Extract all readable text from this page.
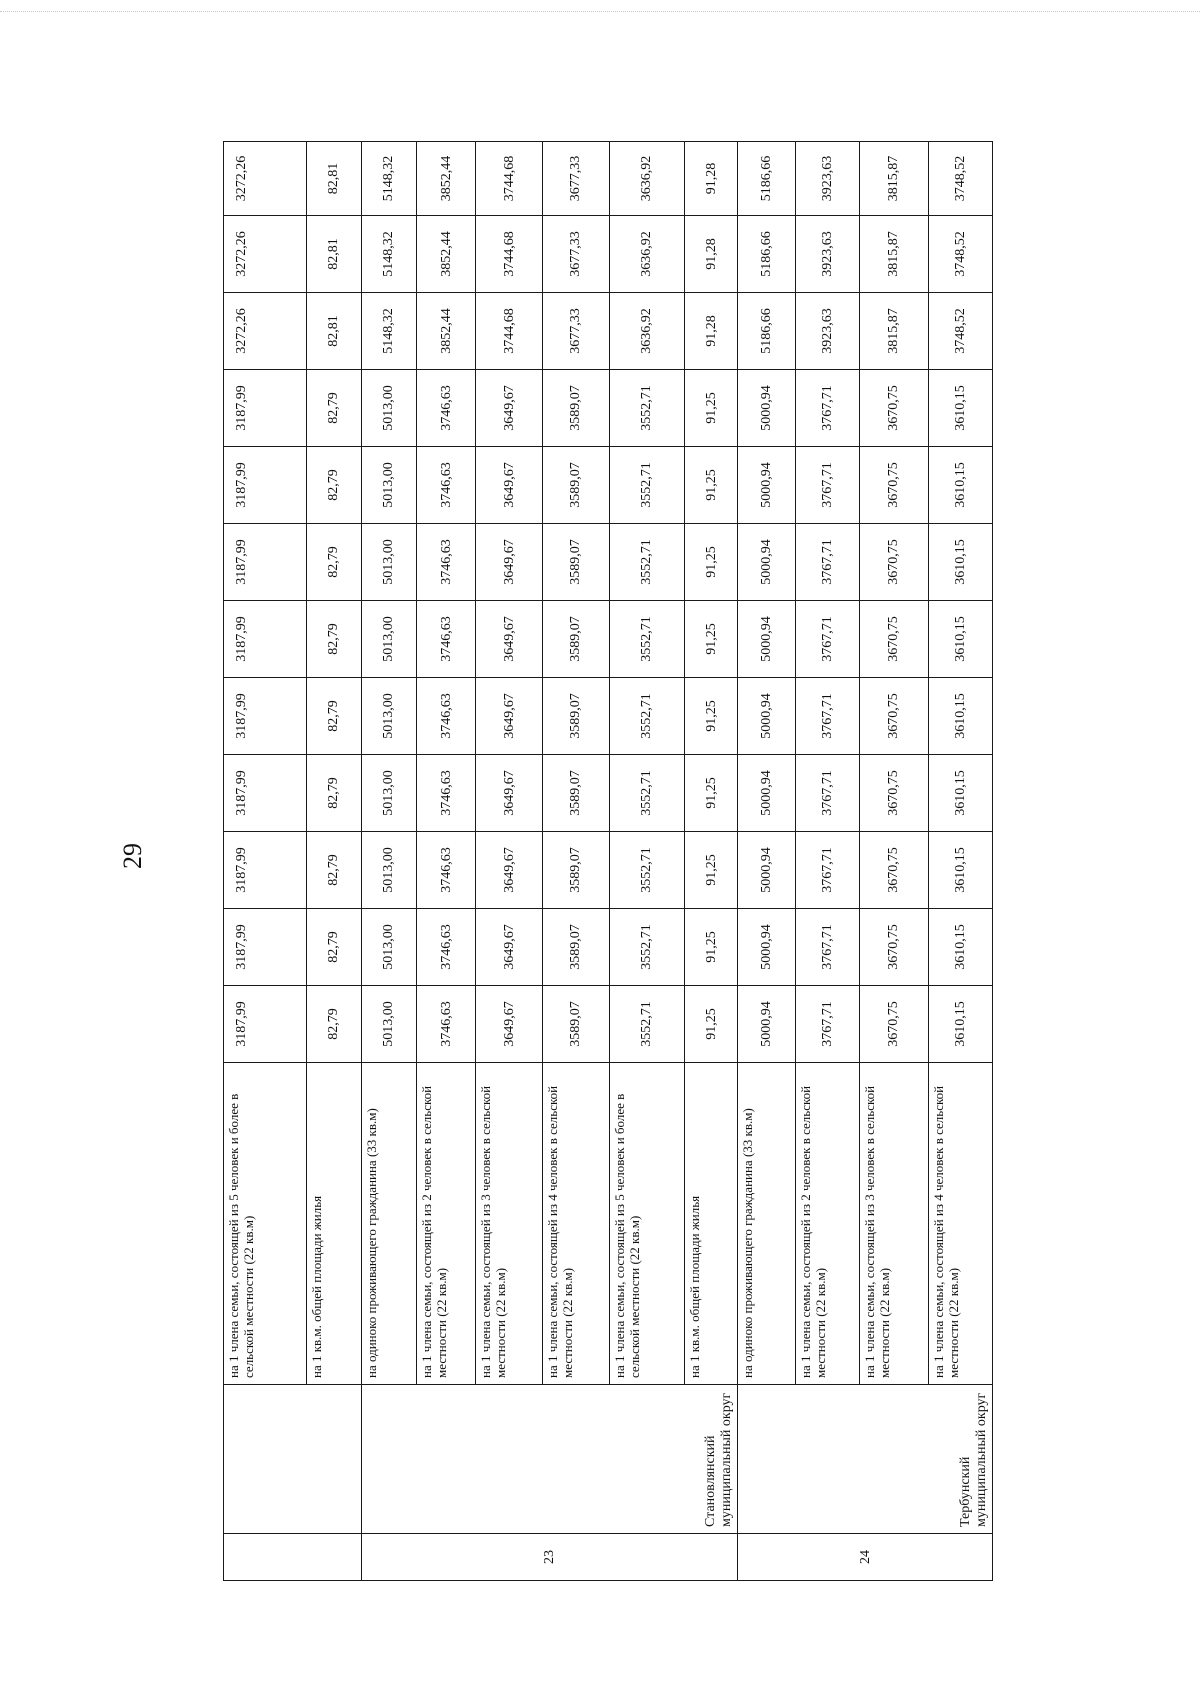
29
		на 1 члена семьи, состоящей из 5 человек и более в сельской местности (22 кв.м)	3187,99	3187,99	3187,99	3187,99	3187,99	3187,99	3187,99	3187,99	3187,99	3272,26	3272,26	3272,26
		на 1 кв.м. общей площади жилья	82,79	82,79	82,79	82,79	82,79	82,79	82,79	82,79	82,79	82,81	82,81	82,81
23	Становлянский муниципальный округ	на одиноко проживающего гражданина (33 кв.м)	5013,00	5013,00	5013,00	5013,00	5013,00	5013,00	5013,00	5013,00	5013,00	5148,32	5148,32	5148,32
		на 1 члена семьи, состоящей из 2 человек в сельской местности (22 кв.м)	3746,63	3746,63	3746,63	3746,63	3746,63	3746,63	3746,63	3746,63	3746,63	3852,44	3852,44	3852,44
		на 1 члена семьи, состоящей из 3 человек в сельской местности (22 кв.м)	3649,67	3649,67	3649,67	3649,67	3649,67	3649,67	3649,67	3649,67	3649,67	3744,68	3744,68	3744,68
		на 1 члена семьи, состоящей из 4 человек в сельской местности (22 кв.м)	3589,07	3589,07	3589,07	3589,07	3589,07	3589,07	3589,07	3589,07	3589,07	3677,33	3677,33	3677,33
		на 1 члена семьи, состоящей из 5 человек и более в сельской местности (22 кв.м)	3552,71	3552,71	3552,71	3552,71	3552,71	3552,71	3552,71	3552,71	3552,71	3636,92	3636,92	3636,92
		на 1 кв.м. общей площади жилья	91,25	91,25	91,25	91,25	91,25	91,25	91,25	91,25	91,25	91,28	91,28	91,28
24	Тербунский муниципальный округ	на одиноко проживающего гражданина (33 кв.м)	5000,94	5000,94	5000,94	5000,94	5000,94	5000,94	5000,94	5000,94	5000,94	5186,66	5186,66	5186,66
		на 1 члена семьи, состоящей из 2 человек в сельской местности (22 кв.м)	3767,71	3767,71	3767,71	3767,71	3767,71	3767,71	3767,71	3767,71	3767,71	3923,63	3923,63	3923,63
		на 1 члена семьи, состоящей из 3 человек в сельской местности (22 кв.м)	3670,75	3670,75	3670,75	3670,75	3670,75	3670,75	3670,75	3670,75	3670,75	3815,87	3815,87	3815,87
		на 1 члена семьи, состоящей из 4 человек в сельской местности (22 кв.м)	3610,15	3610,15	3610,15	3610,15	3610,15	3610,15	3610,15	3610,15	3610,15	3748,52	3748,52	3748,52
